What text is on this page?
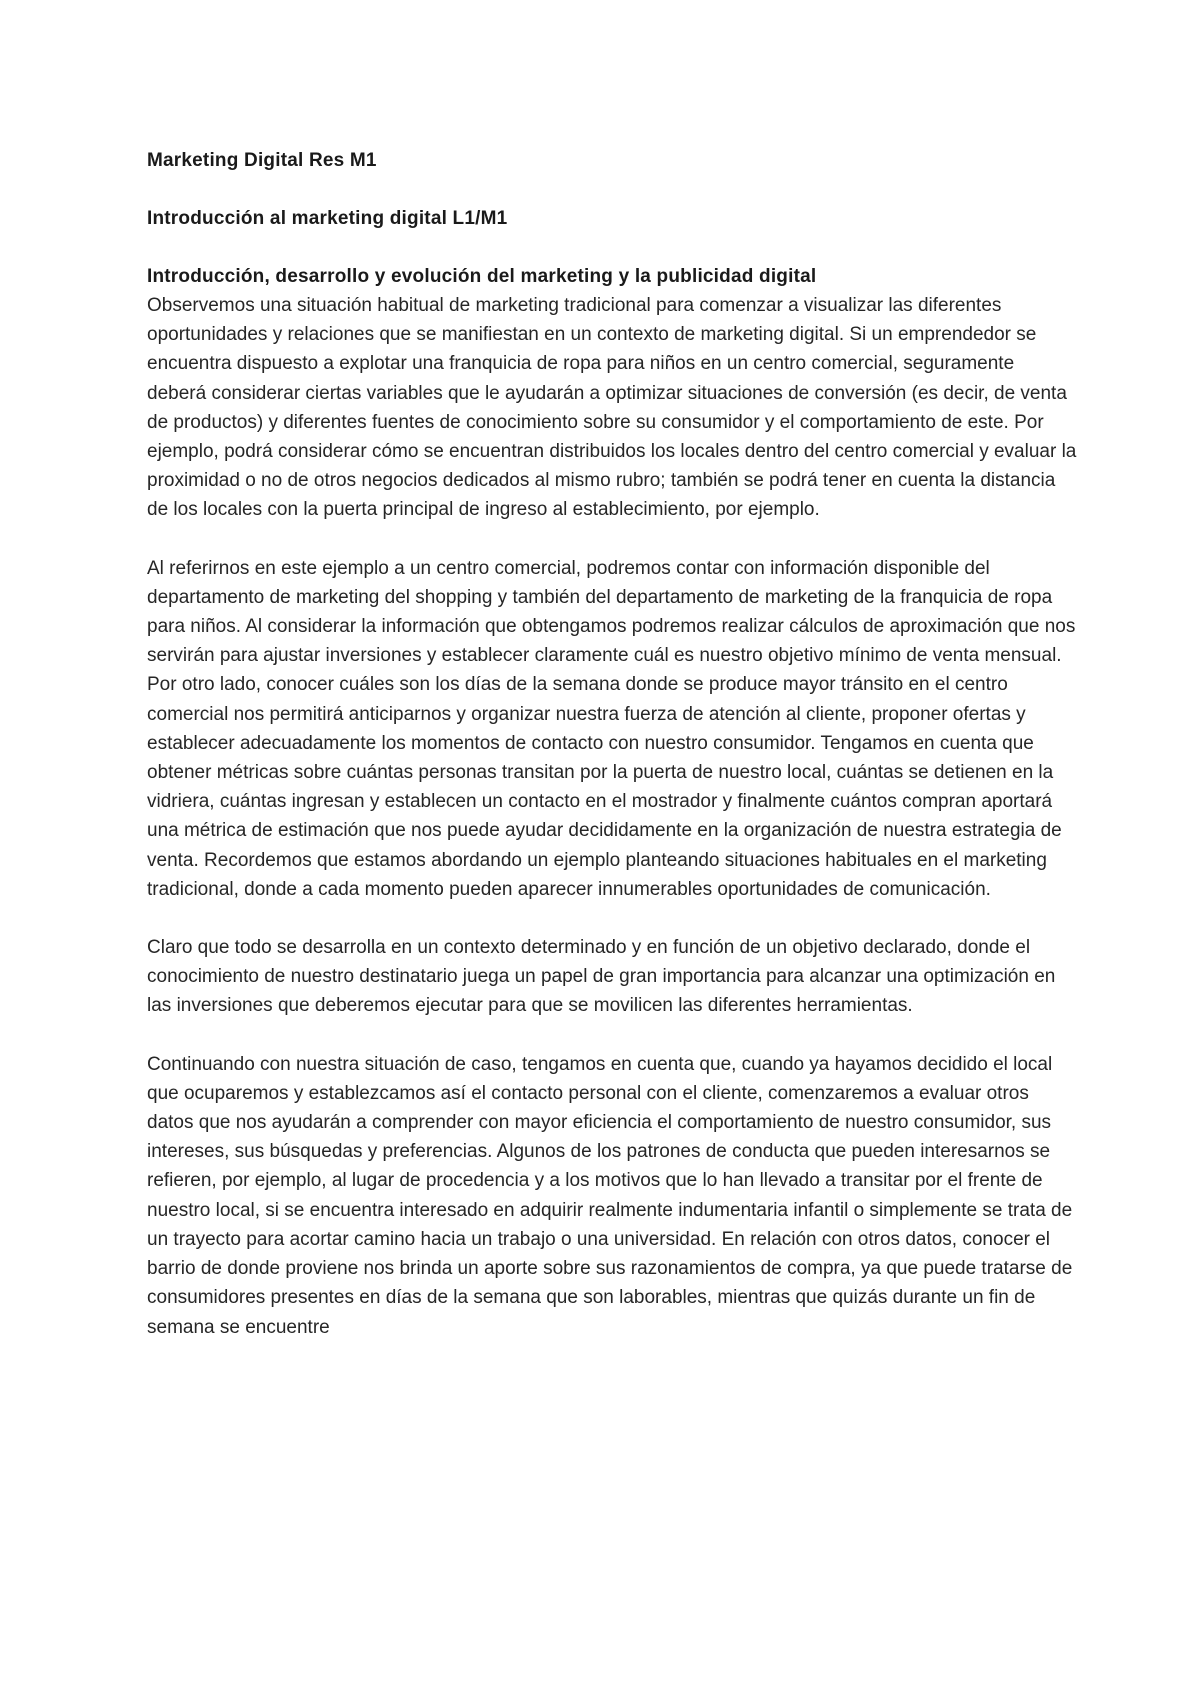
Marketing Digital Res M1
Introducción al marketing digital L1/M1
Introducción, desarrollo y evolución del marketing y la publicidad digital

Observemos una situación habitual de marketing tradicional para comenzar a visualizar las diferentes oportunidades y relaciones que se manifiestan en un contexto de marketing digital. Si un emprendedor se encuentra dispuesto a explotar una franquicia de ropa para niños en un centro comercial, seguramente deberá considerar ciertas variables que le ayudarán a optimizar situaciones de conversión (es decir, de venta de productos) y diferentes fuentes de conocimiento sobre su consumidor y el comportamiento de este. Por ejemplo, podrá considerar cómo se encuentran distribuidos los locales dentro del centro comercial y evaluar la proximidad o no de otros negocios dedicados al mismo rubro; también se podrá tener en cuenta la distancia de los locales con la puerta principal de ingreso al establecimiento, por ejemplo.

Al referirnos en este ejemplo a un centro comercial, podremos contar con información disponible del departamento de marketing del shopping y también del departamento de marketing de la franquicia de ropa para niños. Al considerar la información que obtengamos podremos realizar cálculos de aproximación que nos servirán para ajustar inversiones y establecer claramente cuál es nuestro objetivo mínimo de venta mensual. Por otro lado, conocer cuáles son los días de la semana donde se produce mayor tránsito en el centro comercial nos permitirá anticiparnos y organizar nuestra fuerza de atención al cliente, proponer ofertas y establecer adecuadamente los momentos de contacto con nuestro consumidor. Tengamos en cuenta que obtener métricas sobre cuántas personas transitan por la puerta de nuestro local, cuántas se detienen en la vidriera, cuántas ingresan y establecen un contacto en el mostrador y finalmente cuántos compran aportará una métrica de estimación que nos puede ayudar decididamente en la organización de nuestra estrategia de venta. Recordemos que estamos abordando un ejemplo planteando situaciones habituales en el marketing tradicional, donde a cada momento pueden aparecer innumerables oportunidades de comunicación.

Claro que todo se desarrolla en un contexto determinado y en función de un objetivo declarado, donde el conocimiento de nuestro destinatario juega un papel de gran importancia para alcanzar una optimización en las inversiones que deberemos ejecutar para que se movilicen las diferentes herramientas.

Continuando con nuestra situación de caso, tengamos en cuenta que, cuando ya hayamos decidido el local que ocuparemos y establezcamos así el contacto personal con el cliente, comenzaremos a evaluar otros datos que nos ayudarán a comprender con mayor eficiencia el comportamiento de nuestro consumidor, sus intereses, sus búsquedas y preferencias. Algunos de los patrones de conducta que pueden interesarnos se refieren, por ejemplo, al lugar de procedencia y a los motivos que lo han llevado a transitar por el frente de nuestro local, si se encuentra interesado en adquirir realmente indumentaria infantil o simplemente se trata de un trayecto para acortar camino hacia un trabajo o una universidad. En relación con otros datos, conocer el barrio de donde proviene nos brinda un aporte sobre sus razonamientos de compra, ya que puede tratarse de consumidores presentes en días de la semana que son laborables, mientras que quizás durante un fin de semana se encuentre
